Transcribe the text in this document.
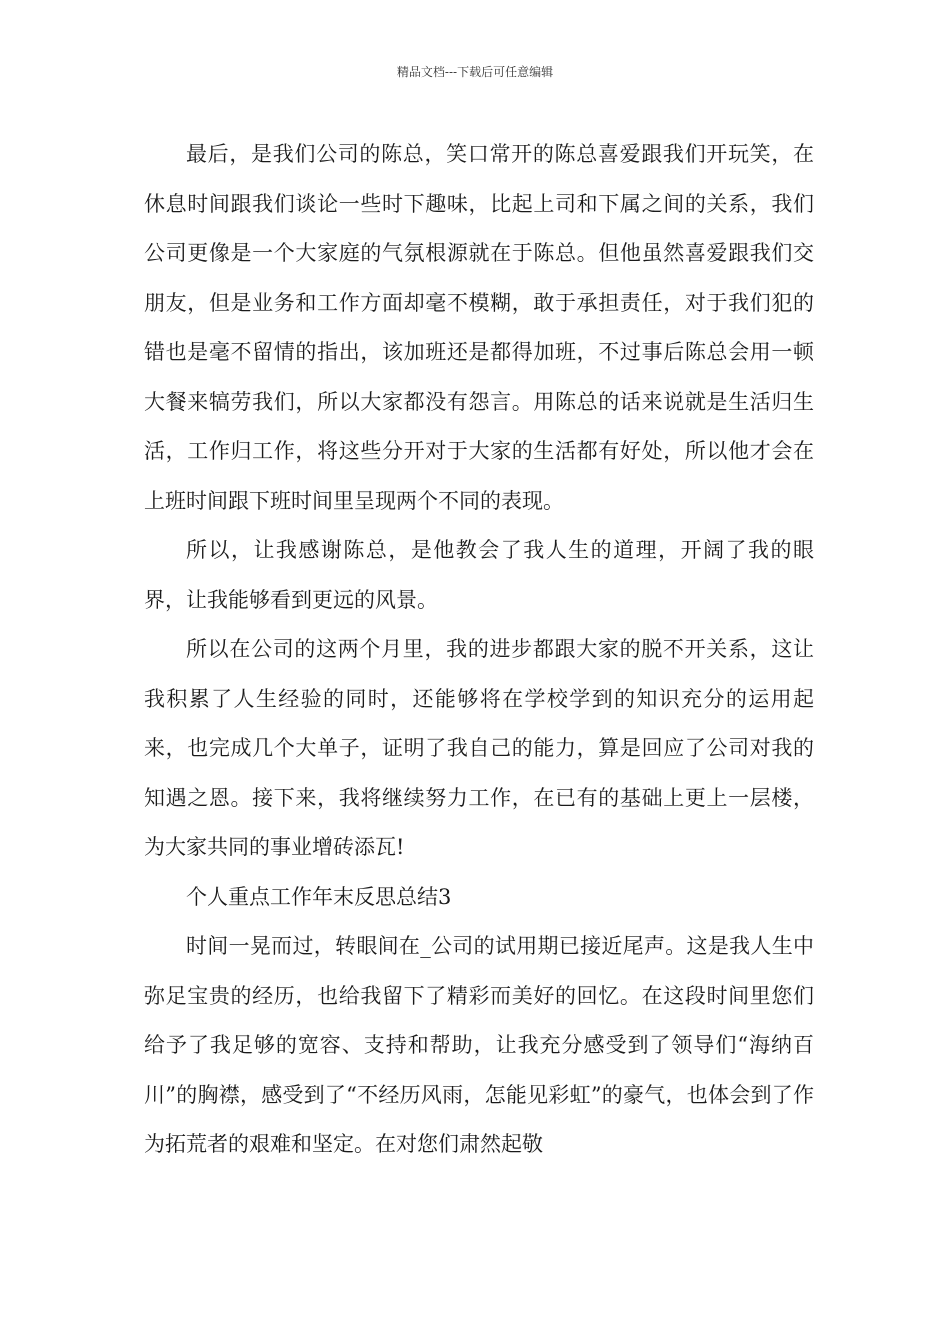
精品文档---下载后可任意编辑

最后，是我们公司的陈总，笑口常开的陈总喜爱跟我们开玩笑，在休息时间跟我们谈论一些时下趣味，比起上司和下属之间的关系，我们公司更像是一个大家庭的气氛根源就在于陈总。但他虽然喜爱跟我们交朋友，但是业务和工作方面却毫不模糊，敢于承担责任，对于我们犯的错也是毫不留情的指出，该加班还是都得加班，不过事后陈总会用一顿大餐来犒劳我们，所以大家都没有怨言。用陈总的话来说就是生活归生活，工作归工作，将这些分开对于大家的生活都有好处，所以他才会在上班时间跟下班时间里呈现两个不同的表现。

所以，让我感谢陈总，是他教会了我人生的道理，开阔了我的眼界，让我能够看到更远的风景。

所以在公司的这两个月里，我的进步都跟大家的脱不开关系，这让我积累了人生经验的同时，还能够将在学校学到的知识充分的运用起来，也完成几个大单子，证明了我自己的能力，算是回应了公司对我的知遇之恩。接下来，我将继续努力工作，在已有的基础上更上一层楼，为大家共同的事业增砖添瓦!

个人重点工作年末反思总结3

时间一晃而过，转眼间在_公司的试用期已接近尾声。这是我人生中弥足宝贵的经历，也给我留下了精彩而美好的回忆。在这段时间里您们给予了我足够的宽容、支持和帮助，让我充分感受到了领导们“海纳百川”的胸襟，感受到了“不经历风雨，怎能见彩虹”的豪气，也体会到了作为拓荒者的艰难和坚定。在对您们肃然起敬
